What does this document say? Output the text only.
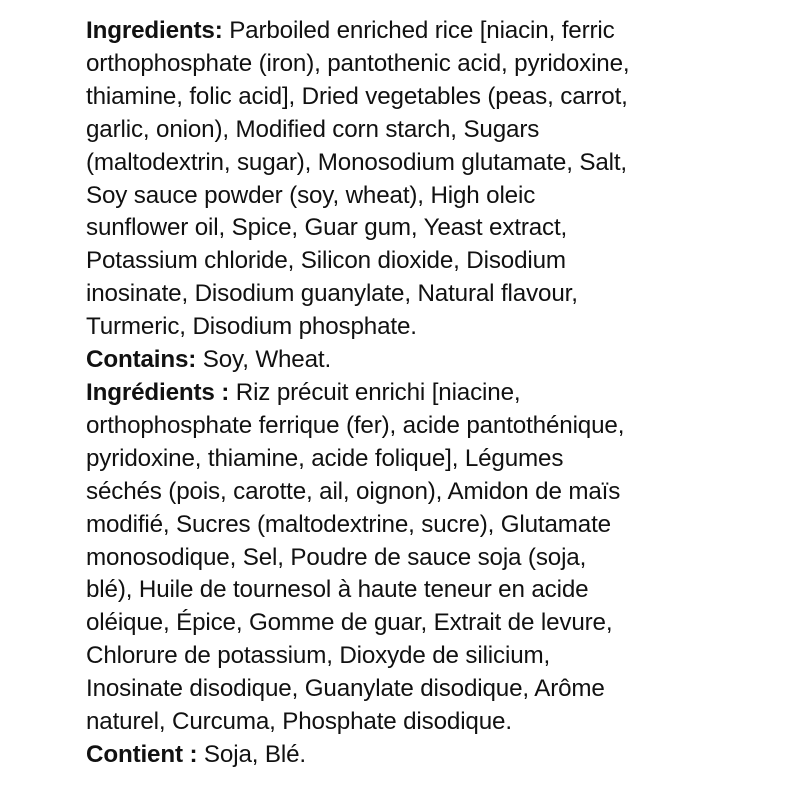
Ingredients: Parboiled enriched rice [niacin, ferric
orthophosphate (iron), pantothenic acid, pyridoxine,
thiamine, folic acid], Dried vegetables (peas, carrot,
garlic, onion), Modified corn starch, Sugars
(maltodextrin, sugar), Monosodium glutamate, Salt,
Soy sauce powder (soy, wheat), High oleic
sunflower oil, Spice, Guar gum, Yeast extract,
Potassium chloride, Silicon dioxide, Disodium
inosinate, Disodium guanylate, Natural flavour,
Turmeric, Disodium phosphate.
Contains: Soy, Wheat.
Ingrédients : Riz précuit enrichi [niacine,
orthophosphate ferrique (fer), acide pantothénique,
pyridoxine, thiamine, acide folique], Légumes
séchés (pois, carotte, ail, oignon), Amidon de maïs
modifié, Sucres (maltodextrine, sucre), Glutamate
monosodique, Sel, Poudre de sauce soja (soja,
blé), Huile de tournesol à haute teneur en acide
oléique, Épice, Gomme de guar, Extrait de levure,
Chlorure de potassium, Dioxyde de silicium,
Inosinate disodique, Guanylate disodique, Arôme
naturel, Curcuma, Phosphate disodique.
Contient : Soja, Blé.
